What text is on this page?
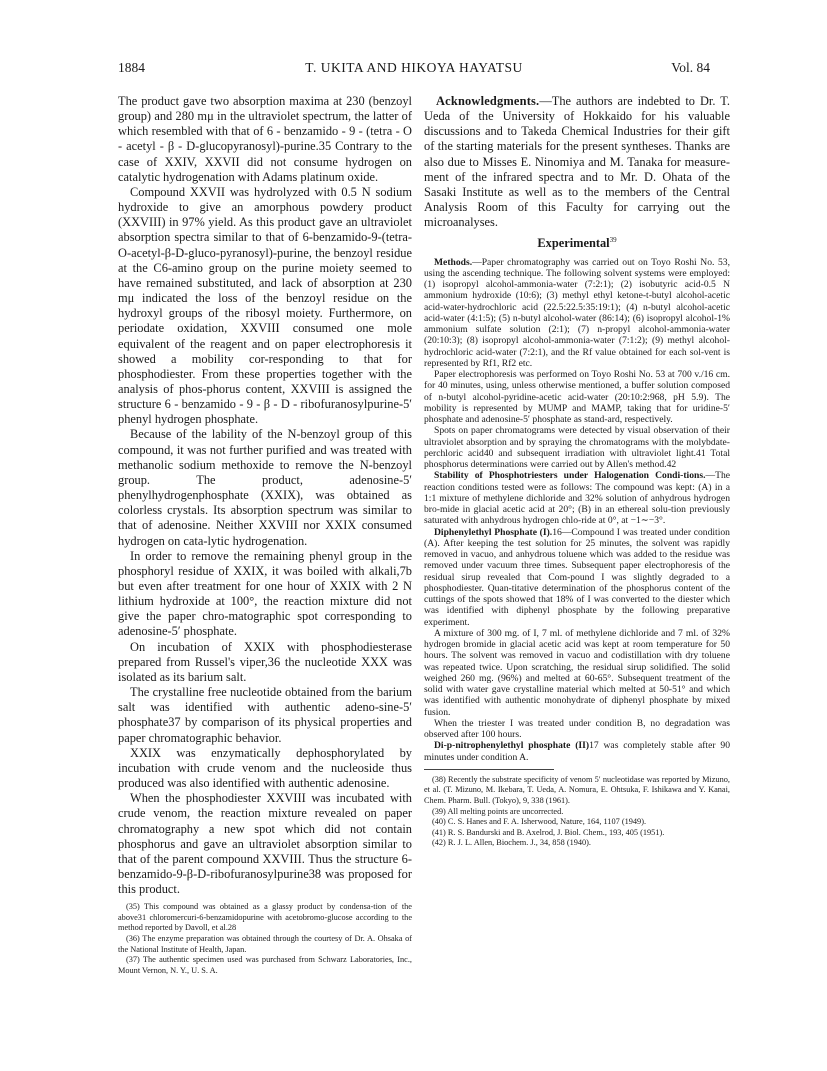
1884	T. UKITA AND HIKOYA HAYATSU	Vol. 84

The product gave two absorption maxima at 230 (benzoyl group) and 280 mμ in the ultraviolet spectrum, the latter of which resembled with that of 6 - benzamido - 9 - (tetra - O - acetyl - β - D-glucopyranosyl)-purine.35 Contrary to the case of XXIV, XXVII did not consume hydrogen on catalytic hydrogenation with Adams platinum oxide.

Compound XXVII was hydrolyzed with 0.5 N sodium hydroxide to give an amorphous powdery product (XXVIII) in 97% yield. As this product gave an ultraviolet absorption spectra similar to that of 6-benzamido-9-(tetra-O-acetyl-β-D-gluco-pyranosyl)-purine, the benzoyl residue at the C6-amino group on the purine moiety seemed to have remained substituted, and lack of absorption at 230 mμ indicated the loss of the benzoyl residue on the hydroxyl groups of the ribosyl moiety. Furthermore, on periodate oxidation, XXVIII consumed one mole equivalent of the reagent and on paper electrophoresis it showed a mobility cor-responding to that for phosphodiester. From these properties together with the analysis of phos-phorus content, XXVIII is assigned the structure 6 - benzamido - 9 - β - D - ribofuranosylpurine-5′ phenyl hydrogen phosphate.

Because of the lability of the N-benzoyl group of this compound, it was not further purified and was treated with methanolic sodium methoxide to remove the N-benzoyl group. The product, adenosine-5′ phenylhydrogenphosphate (XXIX), was obtained as colorless crystals. Its absorption spectrum was similar to that of adenosine. Neither XXVIII nor XXIX consumed hydrogen on cata-lytic hydrogenation.

In order to remove the remaining phenyl group in the phosphoryl residue of XXIX, it was boiled with alkali,7b but even after treatment for one hour of XXIX with 2 N lithium hydroxide at 100°, the reaction mixture did not give the paper chro-matographic spot corresponding to adenosine-5′ phosphate.

On incubation of XXIX with phosphodiesterase prepared from Russel's viper,36 the nucleotide XXX was isolated as its barium salt.

The crystalline free nucleotide obtained from the barium salt was identified with authentic adeno-sine-5′ phosphate37 by comparison of its physical properties and paper chromatographic behavior.

XXIX was enzymatically dephosphorylated by incubation with crude venom and the nucleoside thus produced was also identified with authentic adenosine.

When the phosphodiester XXVIII was incubated with crude venom, the reaction mixture revealed on paper chromatography a new spot which did not contain phosphorus and gave an ultraviolet absorption similar to that of the parent compound XXVIII. Thus the structure 6-benzamido-9-β-D-ribofuranosylpurine38 was proposed for this product.

(35) This compound was obtained as a glassy product by condensa-tion of the above31 chloromercuri-6-benzamidopurine with acetobromo-glucose according to the method reported by Davoll, et al.28

(36) The enzyme preparation was obtained through the courtesy of Dr. A. Ohsaka of the National Institute of Health, Japan.

(37) The authentic specimen used was purchased from Schwarz Laboratories, Inc., Mount Vernon, N. Y., U. S. A.

Acknowledgments.—The authors are indebted to Dr. T. Ueda of the University of Hokkaido for his valuable discussions and to Takeda Chemical Industries for their gift of the starting materials for the present syntheses. Thanks are also due to Misses E. Ninomiya and M. Tanaka for measure-ment of the infrared spectra and to Mr. D. Ohata of the Sasaki Institute as well as to the members of the Central Analysis Room of this Faculty for carrying out the microanalyses.

Experimental$^{39}$

Methods.—Paper chromatography was carried out on Toyo Roshi No. 53, using the ascending technique. The following solvent systems were employed: (1) isopropyl alcohol-ammonia-water (7:2:1); (2) isobutyric acid-0.5 N ammonium hydroxide (10:6); (3) methyl ethyl ketone-t-butyl alcohol-acetic acid-water-hydrochloric acid (22.5:22.5:35:19:1); (4) n-butyl alcohol-acetic acid-water (4:1:5); (5) n-butyl alcohol-water (86:14); (6) isopropyl alcohol-1% ammonium sulfate solution (2:1); (7) n-propyl alcohol-ammonia-water (20:10:3); (8) isopropyl alcohol-ammonia-water (7:1:2); (9) methyl alcohol-hydrochloric acid-water (7:2:1), and the Rf value obtained for each sol-vent is represented by Rf1, Rf2 etc.

Paper electrophoresis was performed on Toyo Roshi No. 53 at 700 v./16 cm. for 40 minutes, using, unless otherwise mentioned, a buffer solution composed of n-butyl alcohol-pyridine-acetic acid-water (20:10:2:968, pH 5.9). The mobility is represented by MUMP and MAMP, taking that for uridine-5′ phosphate and adenosine-5′ phosphate as stand-ard, respectively.

Spots on paper chromatograms were detected by visual observation of their ultraviolet absorption and by spraying the chromatograms with the molybdate-perchloric acid40 and subsequent irradiation with ultraviolet light.41 Total phosphorus determinations were carried out by Allen's method.42

Stability of Phosphotriesters under Halogenation Condi-tions.—The reaction conditions tested were as follows: The compound was kept: (A) in a 1:1 mixture of methylene dichloride and 32% solution of anhydrous hydrogen bro-mide in glacial acetic acid at 20°; (B) in an ethereal solu-tion previously saturated with anhydrous hydrogen chlo-ride at 0°, at −1∼−3°.

Diphenylethyl Phosphate (I).16—Compound I was treated under condition (A). After keeping the test solution for 25 minutes, the solvent was rapidly removed in vacuo, and anhydrous toluene which was added to the residue was removed under vacuum three times. Subsequent paper electrophoresis of the residual sirup revealed that Com-pound I was slightly degraded to a phosphodiester. Quan-titative determination of the phosphorus content of the cuttings of the spots showed that 18% of I was converted to the diester which was identified with diphenyl phosphate by the following preparative experiment.

A mixture of 300 mg. of I, 7 ml. of methylene dichloride and 7 ml. of 32% hydrogen bromide in glacial acetic acid was kept at room temperature for 50 hours. The solvent was removed in vacuo and codistillation with dry toluene was repeated twice. Upon scratching, the residual sirup solidified. The solid weighed 260 mg. (96%) and melted at 60-65°. Subsequent treatment of the solid with water gave crystalline material which melted at 50-51° and which was identified with authentic monohydrate of diphenyl phosphate by mixed fusion.

When the triester I was treated under condition B, no degradation was observed after 100 hours.

Di-p-nitrophenylethyl phosphate (II)17 was completely stable after 90 minutes under condition A.

(38) Recently the substrate specificity of venom 5′ nucleotidase was reported by Mizuno, et al. (T. Mizuno, M. Ikebara, T. Ueda, A. Nomura, E. Ohtsuka, F. Ishikawa and Y. Kanai, Chem. Pharm. Bull. (Tokyo), 9, 338 (1961).

(39) All melting points are uncorrected.

(40) C. S. Hanes and F. A. Isherwood, Nature, 164, 1107 (1949).

(41) R. S. Bandurski and B. Axelrod, J. Biol. Chem., 193, 405 (1951).

(42) R. J. L. Allen, Biochem. J., 34, 858 (1940).
